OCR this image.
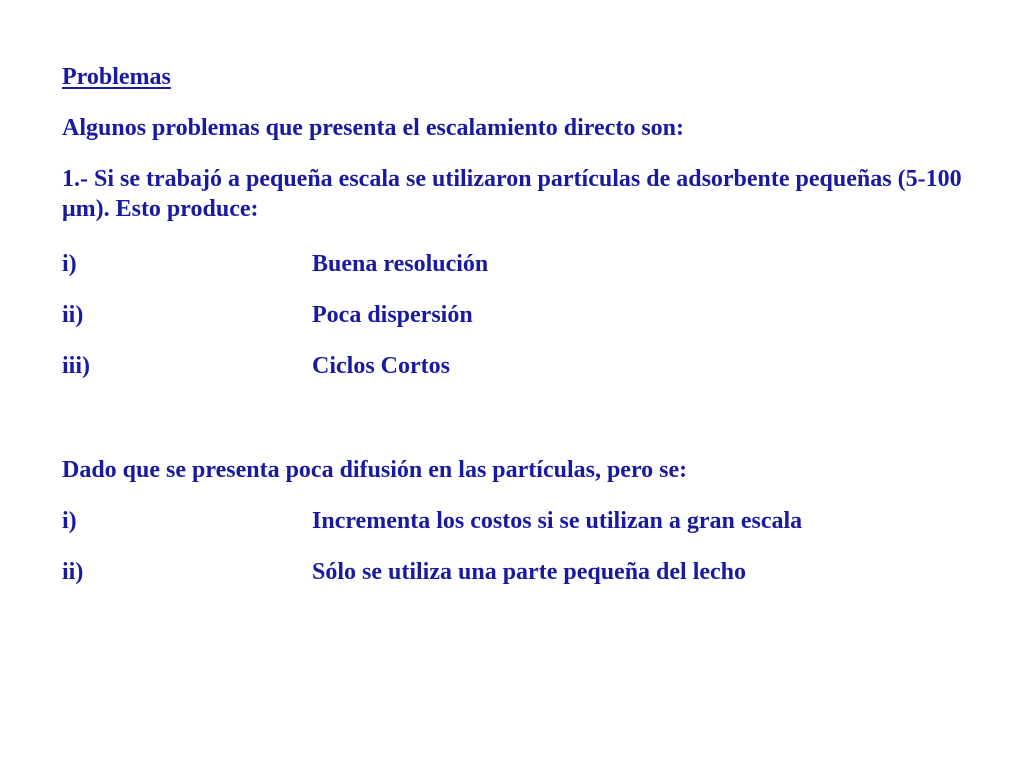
Problemas
Algunos problemas que presenta el escalamiento directo son:
1.- Si se trabajó a pequeña escala se utilizaron partículas de adsorbente pequeñas (5-100 μm). Esto produce:
i)	Buena resolución
ii)	Poca dispersión
iii)	Ciclos Cortos
Dado que se presenta poca difusión en las partículas, pero se:
i)	Incrementa los costos si se utilizan a gran escala
ii)	Sólo se utiliza una parte pequeña del lecho
